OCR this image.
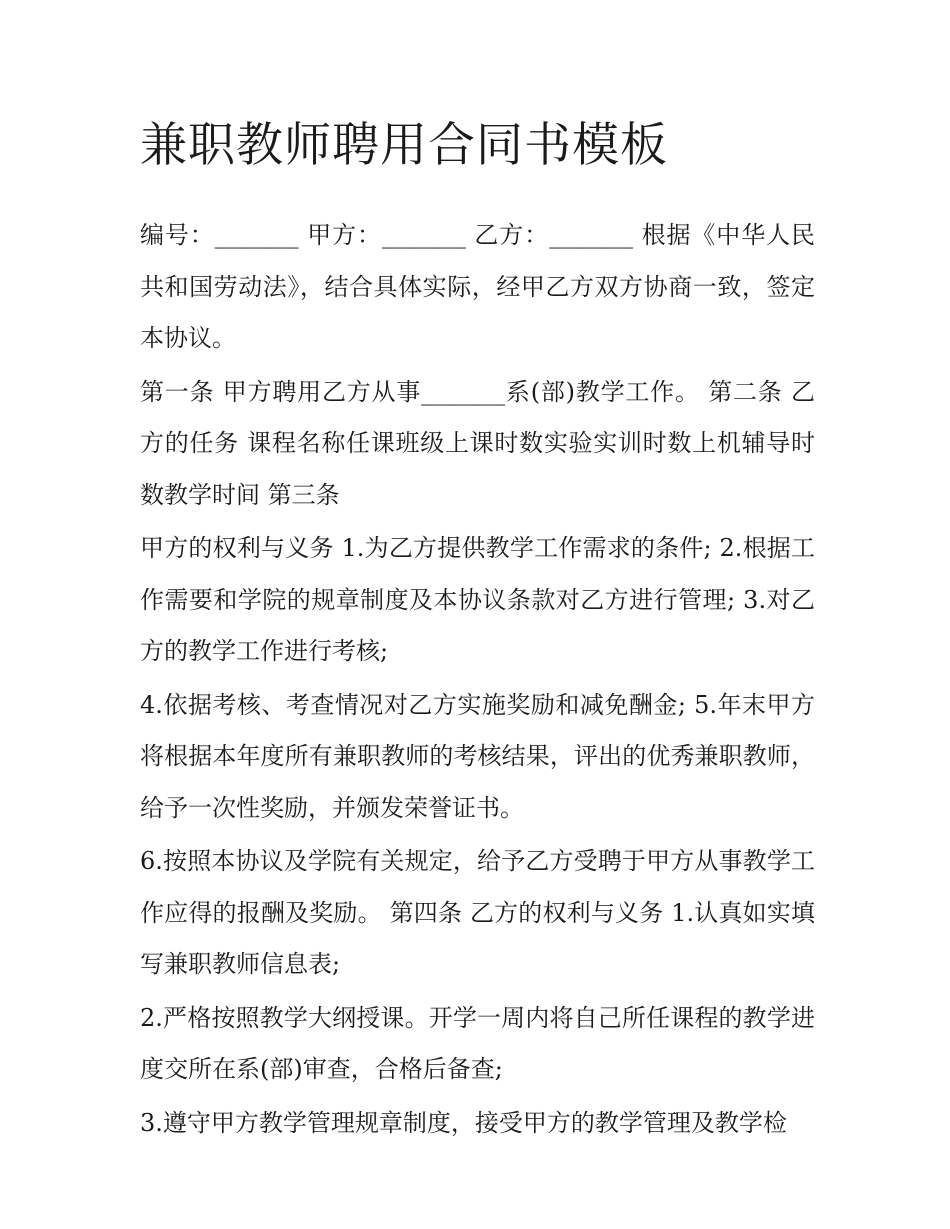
兼职教师聘用合同书模板

编号：_______ 甲方：_______ 乙方：_______ 根据《中华人民共和国劳动法》，结合具体实际，经甲乙方双方协商一致，签定本协议。

第一条 甲方聘用乙方从事_______系(部)教学工作。 第二条 乙方的任务 课程名称任课班级上课时数实验实训时数上机辅导时数教学时间 第三条

甲方的权利与义务 1.为乙方提供教学工作需求的条件; 2.根据工作需要和学院的规章制度及本协议条款对乙方进行管理; 3.对乙方的教学工作进行考核;

4.依据考核、考查情况对乙方实施奖励和减免酬金; 5.年末甲方将根据本年度所有兼职教师的考核结果，评出的优秀兼职教师，给予一次性奖励，并颁发荣誉证书。

6.按照本协议及学院有关规定，给予乙方受聘于甲方从事教学工作应得的报酬及奖励。 第四条 乙方的权利与义务 1.认真如实填写兼职教师信息表;

2.严格按照教学大纲授课。开学一周内将自己所任课程的教学进度交所在系(部)审查，合格后备查;

3.遵守甲方教学管理规章制度，接受甲方的教学管理及教学检
